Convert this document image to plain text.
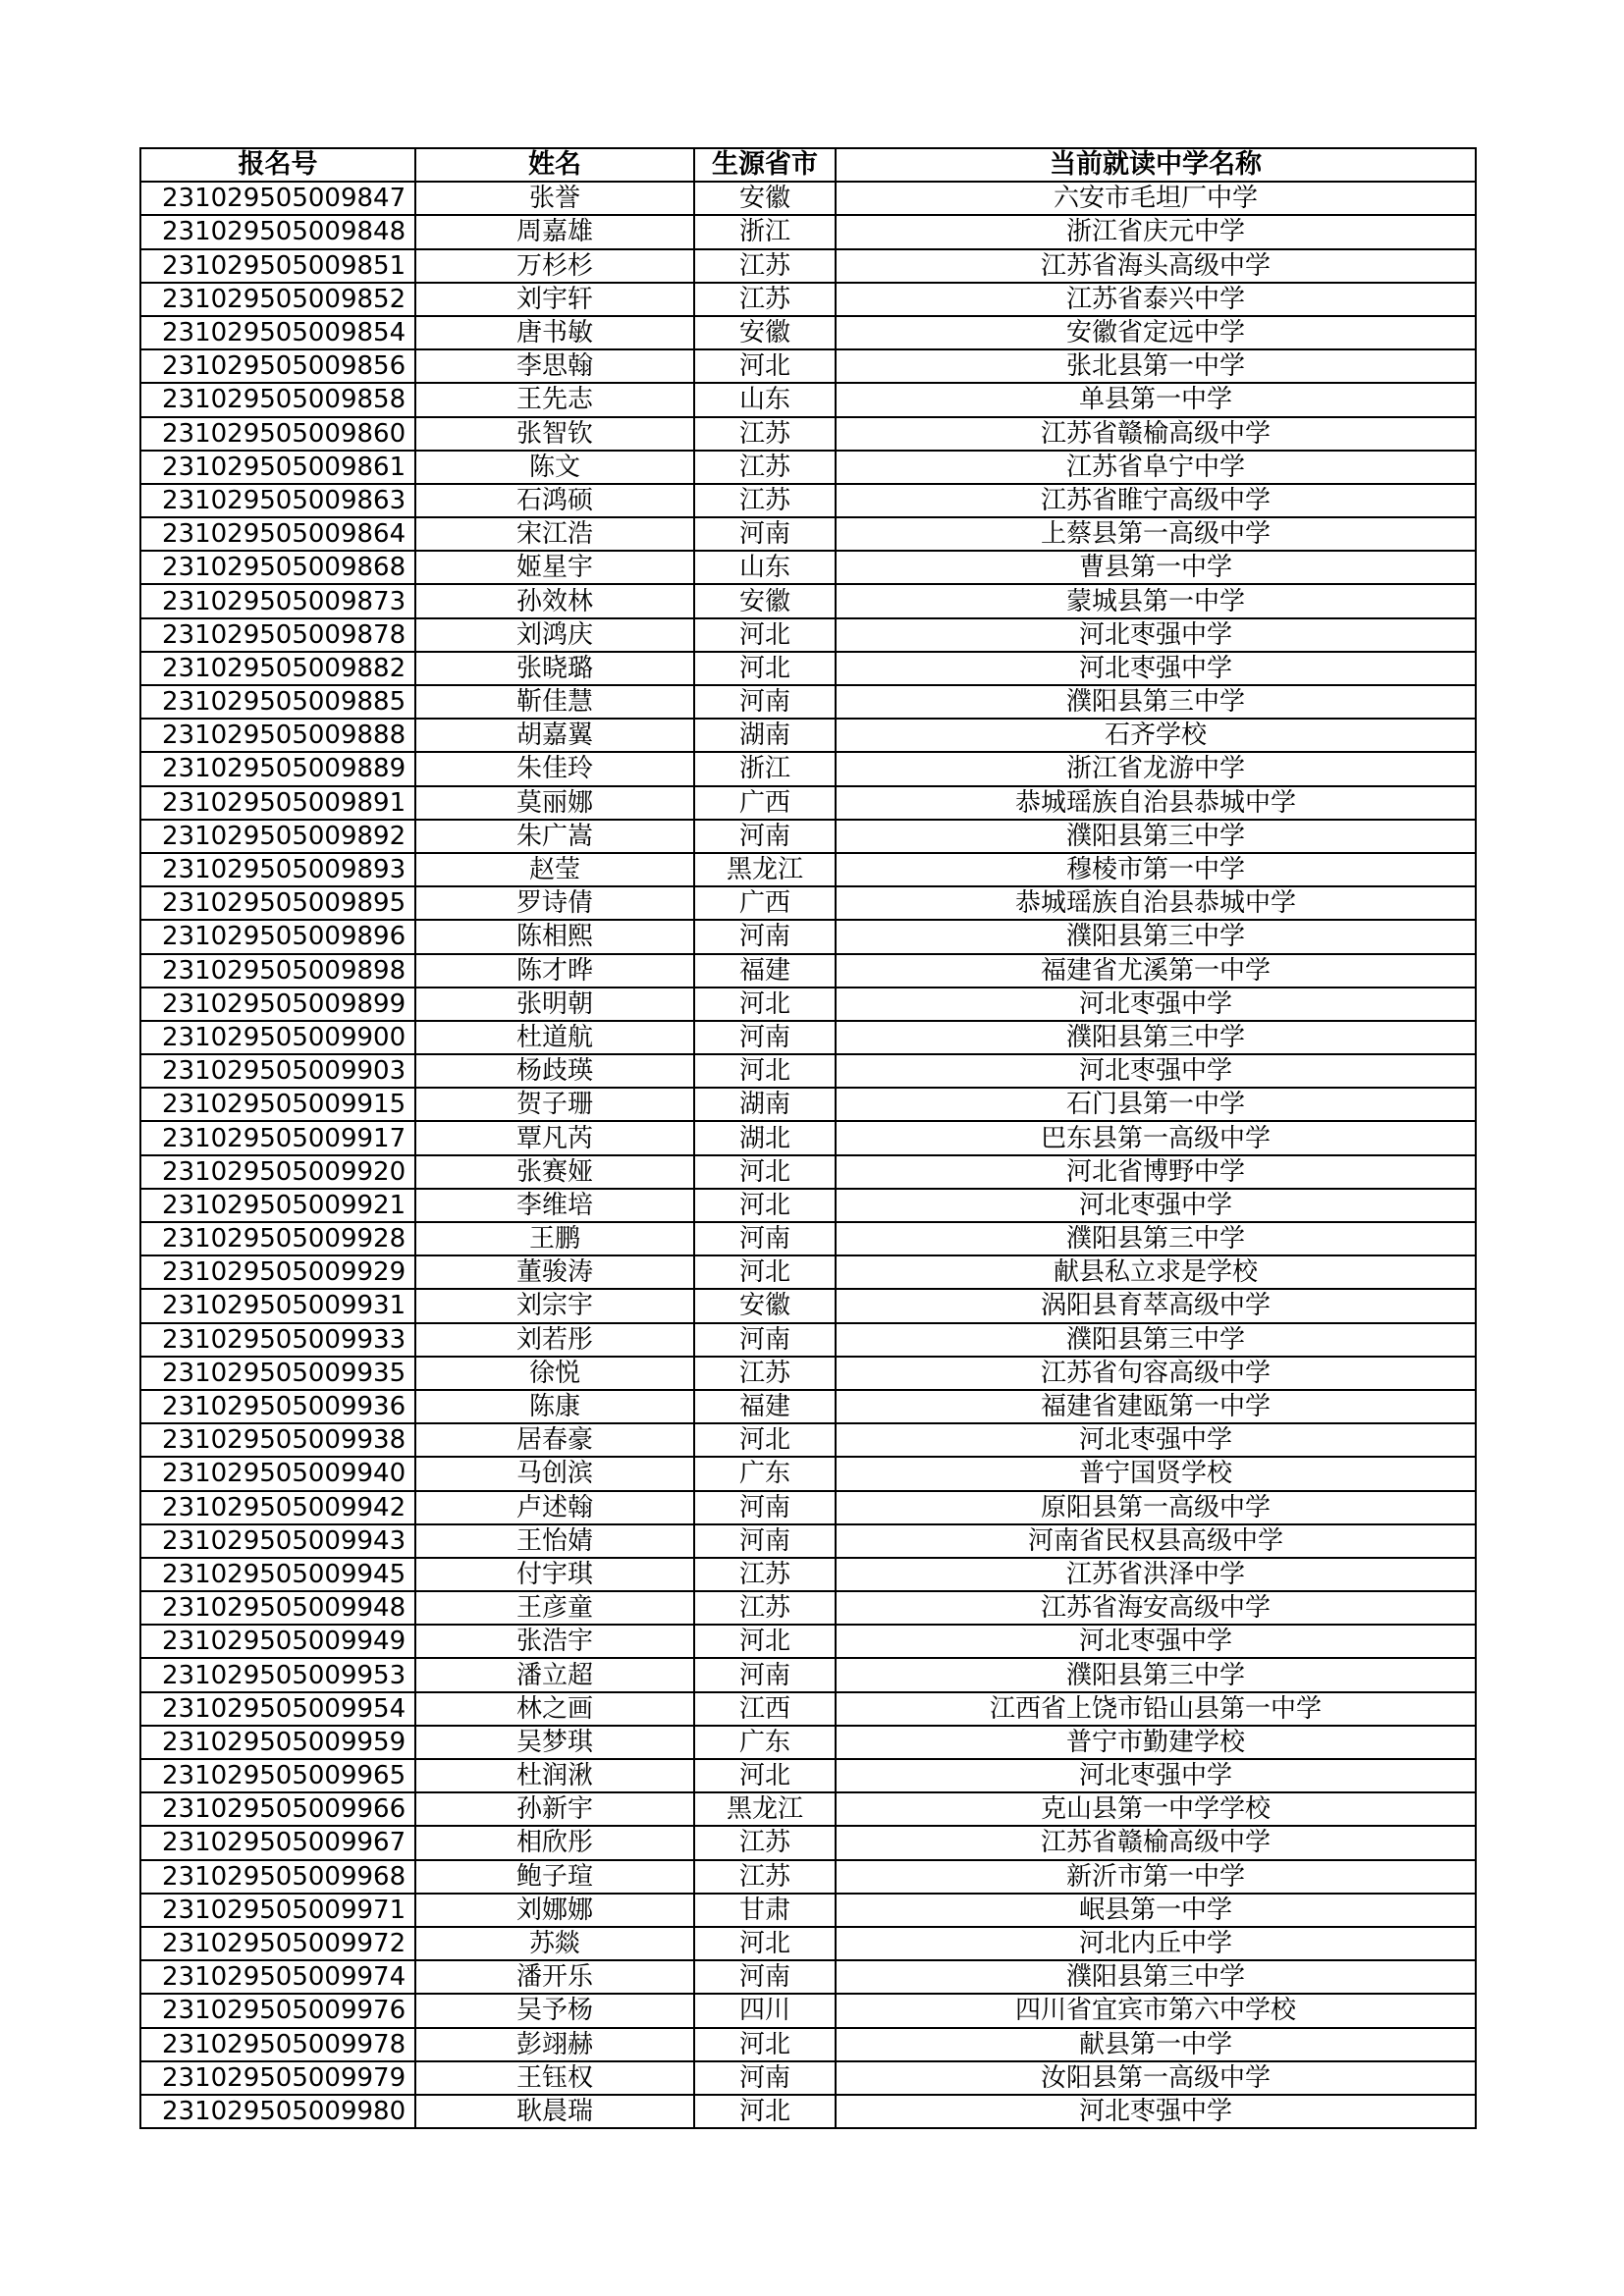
报名号	姓名	生源省市	当前就读中学名称
231029505009847	张誉	安徽	六安市毛坦厂中学
231029505009848	周嘉雄	浙江	浙江省庆元中学
231029505009851	万杉杉	江苏	江苏省海头高级中学
231029505009852	刘宇轩	江苏	江苏省泰兴中学
231029505009854	唐书敏	安徽	安徽省定远中学
231029505009856	李思翰	河北	张北县第一中学
231029505009858	王先志	山东	单县第一中学
231029505009860	张智钦	江苏	江苏省赣榆高级中学
231029505009861	陈文	江苏	江苏省阜宁中学
231029505009863	石鸿硕	江苏	江苏省睢宁高级中学
231029505009864	宋江浩	河南	上蔡县第一高级中学
231029505009868	姬星宇	山东	曹县第一中学
231029505009873	孙效林	安徽	蒙城县第一中学
231029505009878	刘鸿庆	河北	河北枣强中学
231029505009882	张晓璐	河北	河北枣强中学
231029505009885	靳佳慧	河南	濮阳县第三中学
231029505009888	胡嘉翼	湖南	石齐学校
231029505009889	朱佳玲	浙江	浙江省龙游中学
231029505009891	莫丽娜	广西	恭城瑶族自治县恭城中学
231029505009892	朱广嵩	河南	濮阳县第三中学
231029505009893	赵莹	黑龙江	穆棱市第一中学
231029505009895	罗诗倩	广西	恭城瑶族自治县恭城中学
231029505009896	陈相熙	河南	濮阳县第三中学
231029505009898	陈才晔	福建	福建省尤溪第一中学
231029505009899	张明朝	河北	河北枣强中学
231029505009900	杜道航	河南	濮阳县第三中学
231029505009903	杨歧瑛	河北	河北枣强中学
231029505009915	贺子珊	湖南	石门县第一中学
231029505009917	覃凡芮	湖北	巴东县第一高级中学
231029505009920	张赛娅	河北	河北省博野中学
231029505009921	李维培	河北	河北枣强中学
231029505009928	王鹏	河南	濮阳县第三中学
231029505009929	董骏涛	河北	献县私立求是学校
231029505009931	刘宗宇	安徽	涡阳县育萃高级中学
231029505009933	刘若彤	河南	濮阳县第三中学
231029505009935	徐悦	江苏	江苏省句容高级中学
231029505009936	陈康	福建	福建省建瓯第一中学
231029505009938	居春豪	河北	河北枣强中学
231029505009940	马创滨	广东	普宁国贤学校
231029505009942	卢述翰	河南	原阳县第一高级中学
231029505009943	王怡婧	河南	河南省民权县高级中学
231029505009945	付宇琪	江苏	江苏省洪泽中学
231029505009948	王彦童	江苏	江苏省海安高级中学
231029505009949	张浩宇	河北	河北枣强中学
231029505009953	潘立超	河南	濮阳县第三中学
231029505009954	林之画	江西	江西省上饶市铅山县第一中学
231029505009959	吴梦琪	广东	普宁市勤建学校
231029505009965	杜润湫	河北	河北枣强中学
231029505009966	孙新宇	黑龙江	克山县第一中学学校
231029505009967	相欣彤	江苏	江苏省赣榆高级中学
231029505009968	鲍子瑄	江苏	新沂市第一中学
231029505009971	刘娜娜	甘肃	岷县第一中学
231029505009972	苏燚	河北	河北内丘中学
231029505009974	潘开乐	河南	濮阳县第三中学
231029505009976	吴予杨	四川	四川省宜宾市第六中学校
231029505009978	彭翊赫	河北	献县第一中学
231029505009979	王钰权	河南	汝阳县第一高级中学
231029505009980	耿晨瑞	河北	河北枣强中学
